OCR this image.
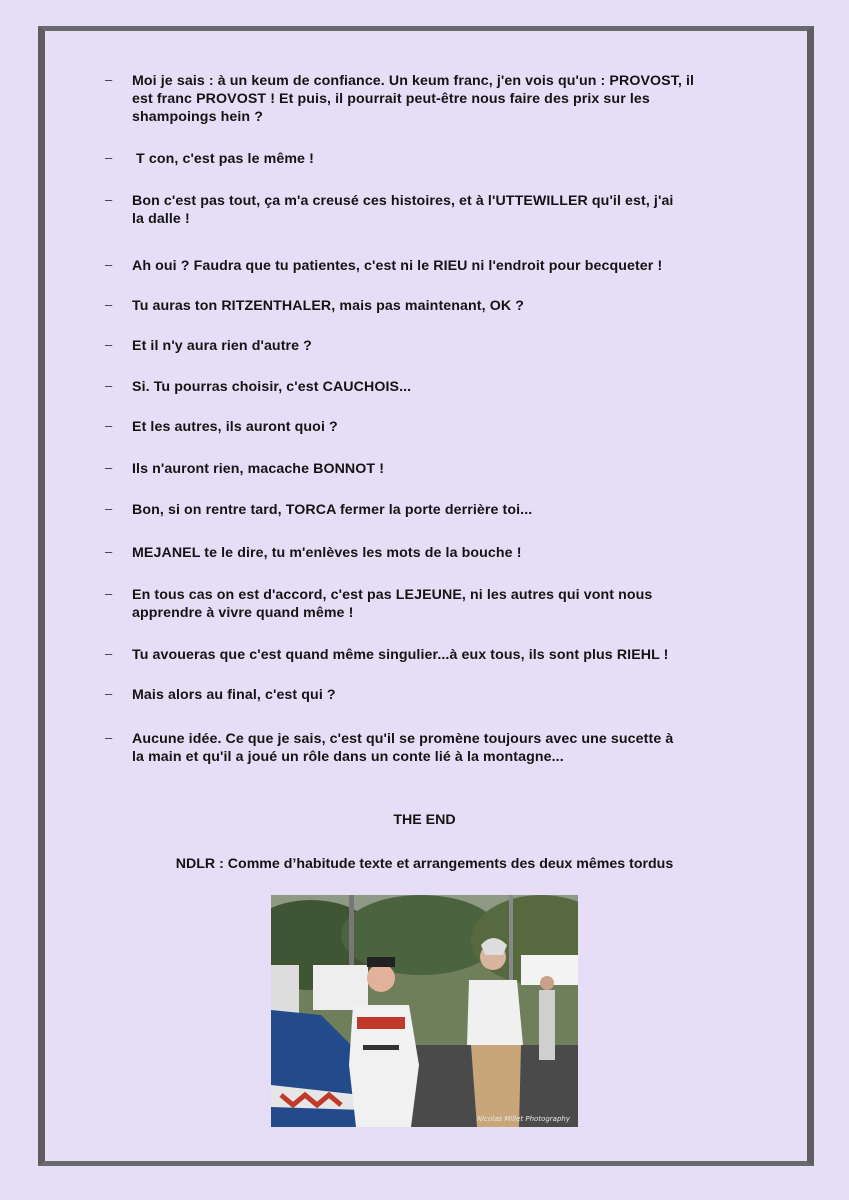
– Moi je sais : à un keum de confiance. Un keum franc, j'en vois qu'un : PROVOST, il
est franc PROVOST ! Et puis, il pourrait peut-être nous faire des prix sur les
shampoings hein ?
– T con, c'est pas le même !
– Bon c'est pas tout, ça m'a creusé ces histoires, et à l'UTTEWILLER qu'il est, j'ai
la dalle !
– Ah oui ? Faudra que tu patientes, c'est ni le RIEU ni l'endroit pour becqueter !
– Tu auras ton RITZENTHALER, mais pas maintenant, OK ?
– Et il n'y aura rien d'autre ?
– Si. Tu pourras choisir, c'est CAUCHOIS...
– Et les autres, ils auront quoi ?
– Ils n'auront rien, macache BONNOT !
– Bon, si on rentre tard, TORCA fermer la porte derrière toi...
– MEJANEL te le dire, tu m'enlèves les mots de la bouche !
– En tous cas on est d'accord, c'est pas LEJEUNE, ni les autres qui vont nous
apprendre à vivre quand même !
– Tu avoueras que c'est quand même singulier...à eux tous, ils sont plus RIEHL !
– Mais alors au final, c'est qui ?
– Aucune idée. Ce que je sais, c'est qu'il se promène toujours avec une sucette à
la main et qu'il a joué un rôle dans un conte lié à la montagne...
THE END
NDLR : Comme d’habitude texte et arrangements des deux mêmes tordus
Nicolas Millet Photography
